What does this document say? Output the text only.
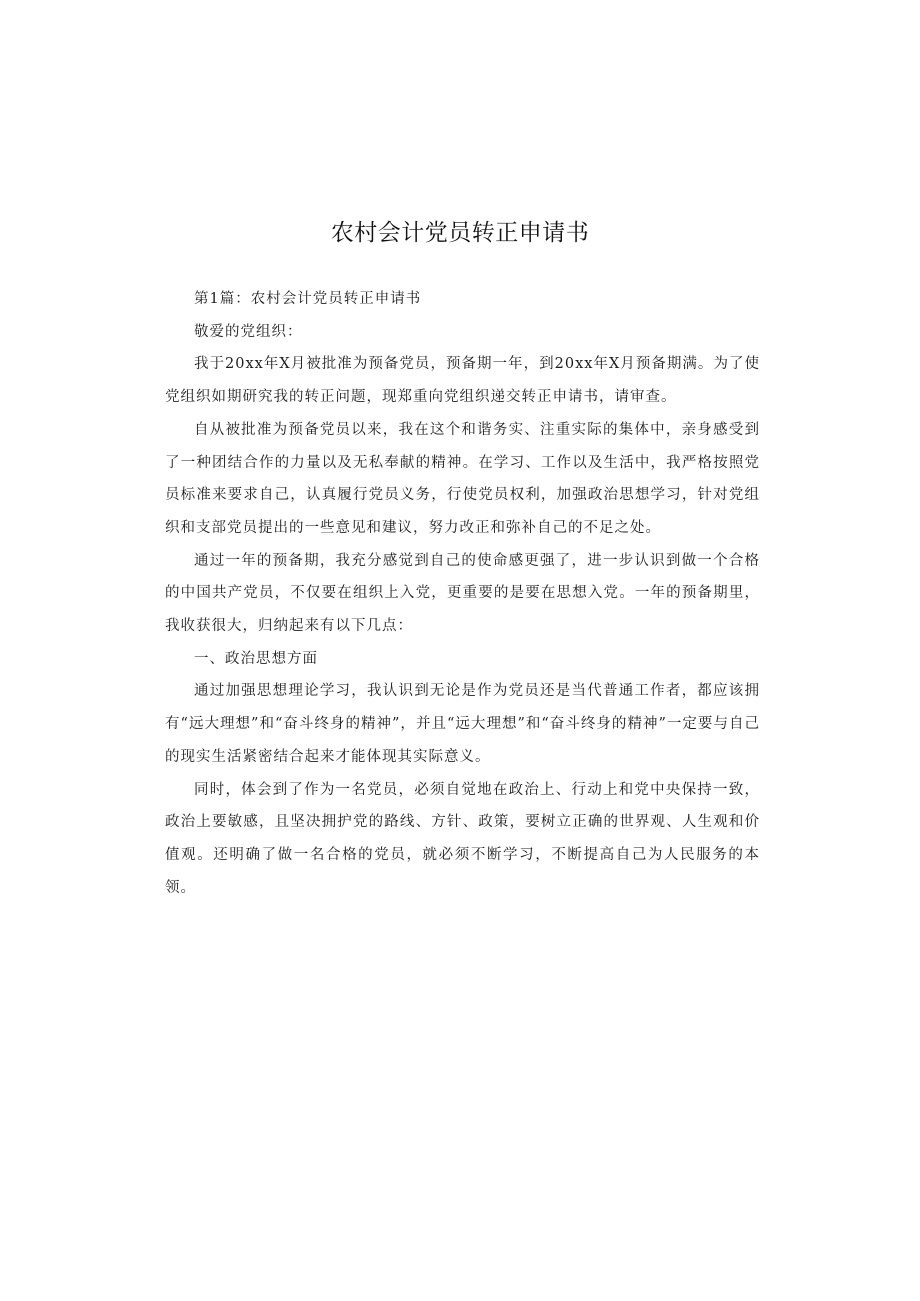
农村会计党员转正申请书

第1篇：农村会计党员转正申请书

敬爱的党组织：

我于20xx年X月被批准为预备党员，预备期一年，到20xx年X月预备期满。为了使党组织如期研究我的转正问题，现郑重向党组织递交转正申请书，请审查。

自从被批准为预备党员以来，我在这个和谐务实、注重实际的集体中，亲身感受到了一种团结合作的力量以及无私奉献的精神。在学习、工作以及生活中，我严格按照党员标准来要求自己，认真履行党员义务，行使党员权利，加强政治思想学习，针对党组织和支部党员提出的一些意见和建议，努力改正和弥补自己的不足之处。

通过一年的预备期，我充分感觉到自己的使命感更强了，进一步认识到做一个合格的中国共产党员，不仅要在组织上入党，更重要的是要在思想入党。一年的预备期里，我收获很大，归纳起来有以下几点：

一、政治思想方面

通过加强思想理论学习，我认识到无论是作为党员还是当代普通工作者，都应该拥有“远大理想”和“奋斗终身的精神”，并且“远大理想”和“奋斗终身的精神”一定要与自己的现实生活紧密结合起来才能体现其实际意义。

同时，体会到了作为一名党员，必须自觉地在政治上、行动上和党中央保持一致，政治上要敏感，且坚决拥护党的路线、方针、政策，要树立正确的世界观、人生观和价值观。还明确了做一名合格的党员，就必须不断学习，不断提高自己为人民服务的本领。
